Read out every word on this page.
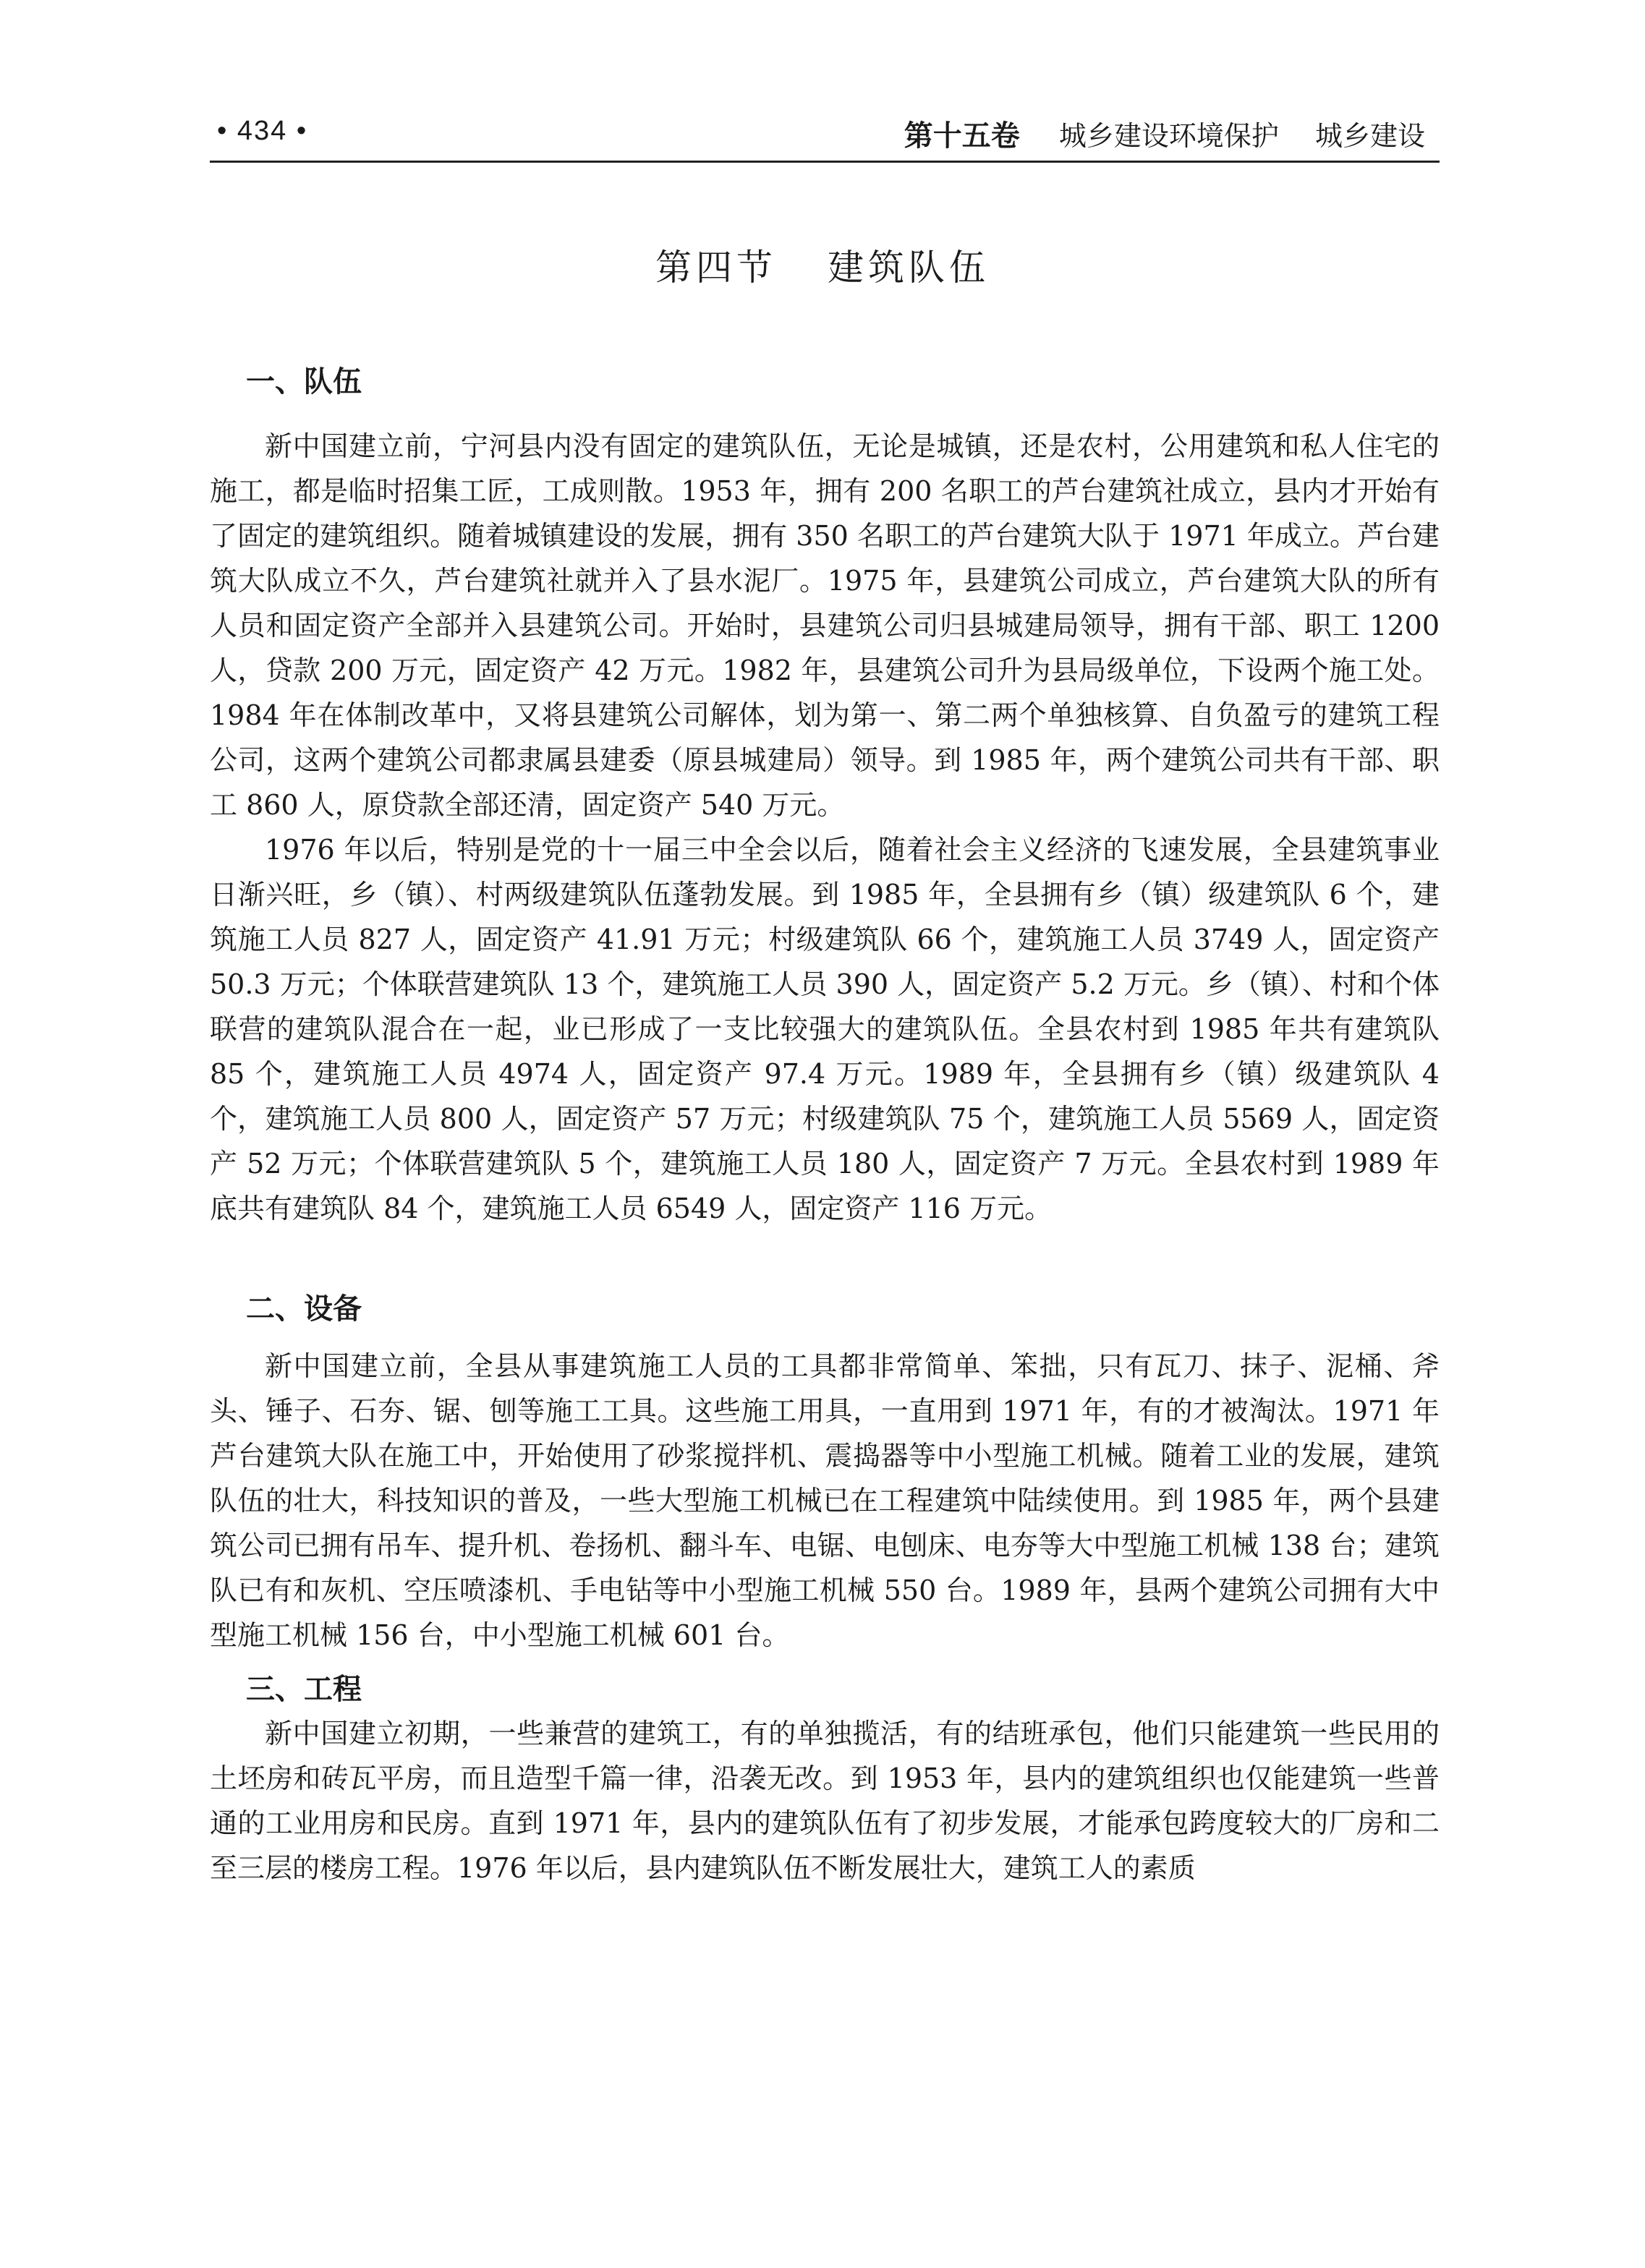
• 434 •	第十五卷 城乡建设环境保护 城乡建设
第四节 建筑队伍
一、队伍

新中国建立前，宁河县内没有固定的建筑队伍，无论是城镇，还是农村，公用建筑和私人住宅的施工，都是临时招集工匠，工成则散。1953 年，拥有 200 名职工的芦台建筑社成立，县内才开始有了固定的建筑组织。随着城镇建设的发展，拥有 350 名职工的芦台建筑大队于 1971 年成立。芦台建筑大队成立不久，芦台建筑社就并入了县水泥厂。1975 年，县建筑公司成立，芦台建筑大队的所有人员和固定资产全部并入县建筑公司。开始时，县建筑公司归县城建局领导，拥有干部、职工 1200 人，贷款 200 万元，固定资产 42 万元。1982 年，县建筑公司升为县局级单位，下设两个施工处。1984 年在体制改革中，又将县建筑公司解体，划为第一、第二两个单独核算、自负盈亏的建筑工程公司，这两个建筑公司都隶属县建委（原县城建局）领导。到 1985 年，两个建筑公司共有干部、职工 860 人，原贷款全部还清，固定资产 540 万元。

1976 年以后，特别是党的十一届三中全会以后，随着社会主义经济的飞速发展，全县建筑事业日渐兴旺，乡（镇）、村两级建筑队伍蓬勃发展。到 1985 年，全县拥有乡（镇）级建筑队 6 个，建筑施工人员 827 人，固定资产 41.91 万元；村级建筑队 66 个，建筑施工人员 3749 人，固定资产 50.3 万元；个体联营建筑队 13 个，建筑施工人员 390 人，固定资产 5.2 万元。乡（镇）、村和个体联营的建筑队混合在一起，业已形成了一支比较强大的建筑队伍。全县农村到 1985 年共有建筑队 85 个，建筑施工人员 4974 人，固定资产 97.4 万元。1989 年，全县拥有乡（镇）级建筑队 4 个，建筑施工人员 800 人，固定资产 57 万元；村级建筑队 75 个，建筑施工人员 5569 人，固定资产 52 万元；个体联营建筑队 5 个，建筑施工人员 180 人，固定资产 7 万元。全县农村到 1989 年底共有建筑队 84 个，建筑施工人员 6549 人，固定资产 116 万元。

二、设备

新中国建立前，全县从事建筑施工人员的工具都非常简单、笨拙，只有瓦刀、抹子、泥桶、斧头、锤子、石夯、锯、刨等施工工具。这些施工用具，一直用到 1971 年，有的才被淘汰。1971 年芦台建筑大队在施工中，开始使用了砂浆搅拌机、震捣器等中小型施工机械。随着工业的发展，建筑队伍的壮大，科技知识的普及，一些大型施工机械已在工程建筑中陆续使用。到 1985 年，两个县建筑公司已拥有吊车、提升机、卷扬机、翻斗车、电锯、电刨床、电夯等大中型施工机械 138 台；建筑队已有和灰机、空压喷漆机、手电钻等中小型施工机械 550 台。1989 年，县两个建筑公司拥有大中型施工机械 156 台，中小型施工机械 601 台。

三、工程

新中国建立初期，一些兼营的建筑工，有的单独揽活，有的结班承包，他们只能建筑一些民用的土坯房和砖瓦平房，而且造型千篇一律，沿袭无改。到 1953 年，县内的建筑组织也仅能建筑一些普通的工业用房和民房。直到 1971 年，县内的建筑队伍有了初步发展，才能承包跨度较大的厂房和二至三层的楼房工程。1976 年以后，县内建筑队伍不断发展壮大，建筑工人的素质
